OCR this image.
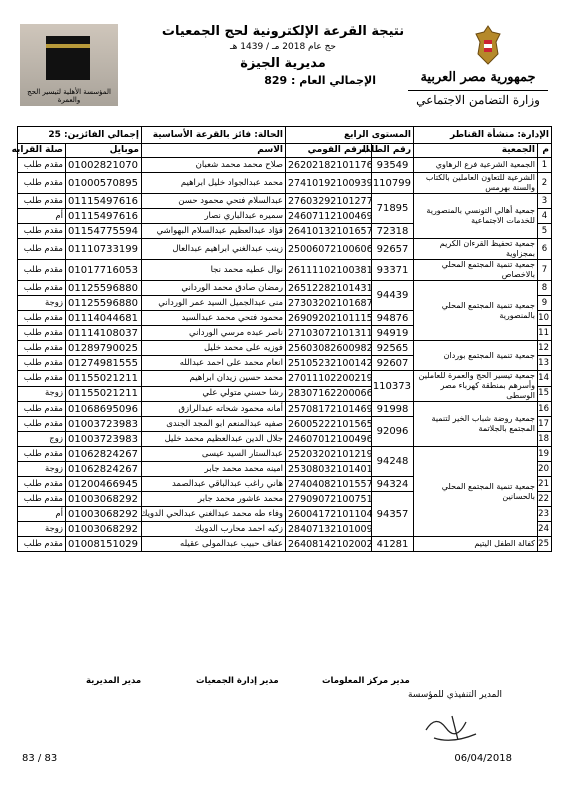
المؤسسة الأهلية لتيسير الحج والعمرة
نتيجة القرعة الإلكترونية لحج الجمعيات
حج عام 2018 مـ / 1439 هـ
مديرية الجيزة
الإجمالي العام : 829	جمهورية مصر العربية
وزارة التضامن الاجتماعي
الإدارة: منشأة القناطر		المستوى الرابع		الحالة: فائز بالقرعة الأساسية	إجمالي الفائزين: 25	
م	الجمعية	رقم الطلب	الرقم القومي	الاسم	موبايل	صلة القرابه
1	الجمعية الشرعية فرع الرهاوي	93549	26202182101176	صلاح محمد محمد شعبان	01002821070	مقدم طلب
2	الشرعية للتعاون العاملين بالكتاب والسنة بهرمس	110799	27410192100939	محمد عبدالجواد خليل ابراهيم	01000570895	مقدم طلب
3	جمعية أهالي التونسي بالمنصورية للخدمات الاجتماعية	71895	27603292101277	عبدالسلام فتحي محمود حسن	01115497616	مقدم طلب
4			24607112100469	سميره عبدالباري نصار	01115497616	أم
5		72318	26410132101657	فؤاد عبدالعظيم عبدالسلام البهواشي	01154775594	مقدم طلب
6	جمعية تحفيظ القرءان الكريم بمجزاوية	92657	25006072100606	زينب عبدالغني ابراهيم عبدالعال	01110733199	مقدم طلب
7	جمعية تنمية المجتمع المحلي بالاخصاص	93371	26111102100381	نوال عطيه محمد نجا	01017716053	مقدم طلب
8	جمعية تنمية المجتمع المحلي بالمنصورية	94439	26512282101431	رمضان صادق محمد الورداني	01125596880	مقدم طلب
9			27303202101687	منى عبدالجميل السيد عمر الورداني	01125596880	زوجة
10		94876	26909202101115	محمود فتحي محمد عبدالسيد	01114044681	مقدم طلب
11		94919	27103072101311	ناصر عبده مرسي الورداني	01114108037	مقدم طلب
12	جمعية تنمية المجتمع بوردان	92565	25603082600982	فوزيه على محمد خليل	01289790025	مقدم طلب
13		92607	25105232100142	انعام محمد على احمد عبدالله	01274981555	مقدم طلب
14	جمعية تيسير الحج والعمرة للعاملين وأسرهم بمنطقة كهرباء مصر الوسطى	110373	27011102200219	محمد حسين زيدان ابراهيم	01155021211	مقدم طلب
15			28307162200066	رشا حسني متولي علي	01155021211	زوجة
16	جمعية روضة شباب الخير لتنمية المجتمع بالجلاتمة	91998	25708172101469	أمانه محمود شحاته عبدالرازق	01068695096	مقدم طلب
17		92096	26005222101565	صفيه عبدالمنعم ابو المجد الجندى	01003723983	مقدم طلب
18			24607012100496	جلال الدين عبدالعظيم محمد خليل	01003723983	زوج
19	جمعية تنمية المجتمع المحلي بالحسانين	94248	25203202101219	عبدالستار السيد عيسى	01062824267	مقدم طلب
20			25308032101401	امينه محمد محمد جابر	01062824267	زوجة
21		94324	27404082101557	هاني راغب عبدالباقي عبدالصمد	01200466945	مقدم طلب
22		94357	27909072100751	محمد عاشور محمد جابر	01003068292	مقدم طلب
23			26004172101104	وفاء طه محمد عبدالغني عبدالحي الدويك	01003068292	أم
24			28407132101009	زكيه احمد محارب الدويك	01003068292	زوجة
25	كفالة الطفل اليتيم	41281	26408142102002	عفاف حبيب عبدالمولى عقيله	01008151029	مقدم طلب
مدير مركز المعلومات
مدير إدارة الجمعيات
مدير المديرية
المدير التنفيذي للمؤسسة
83 / 83	06/04/2018
